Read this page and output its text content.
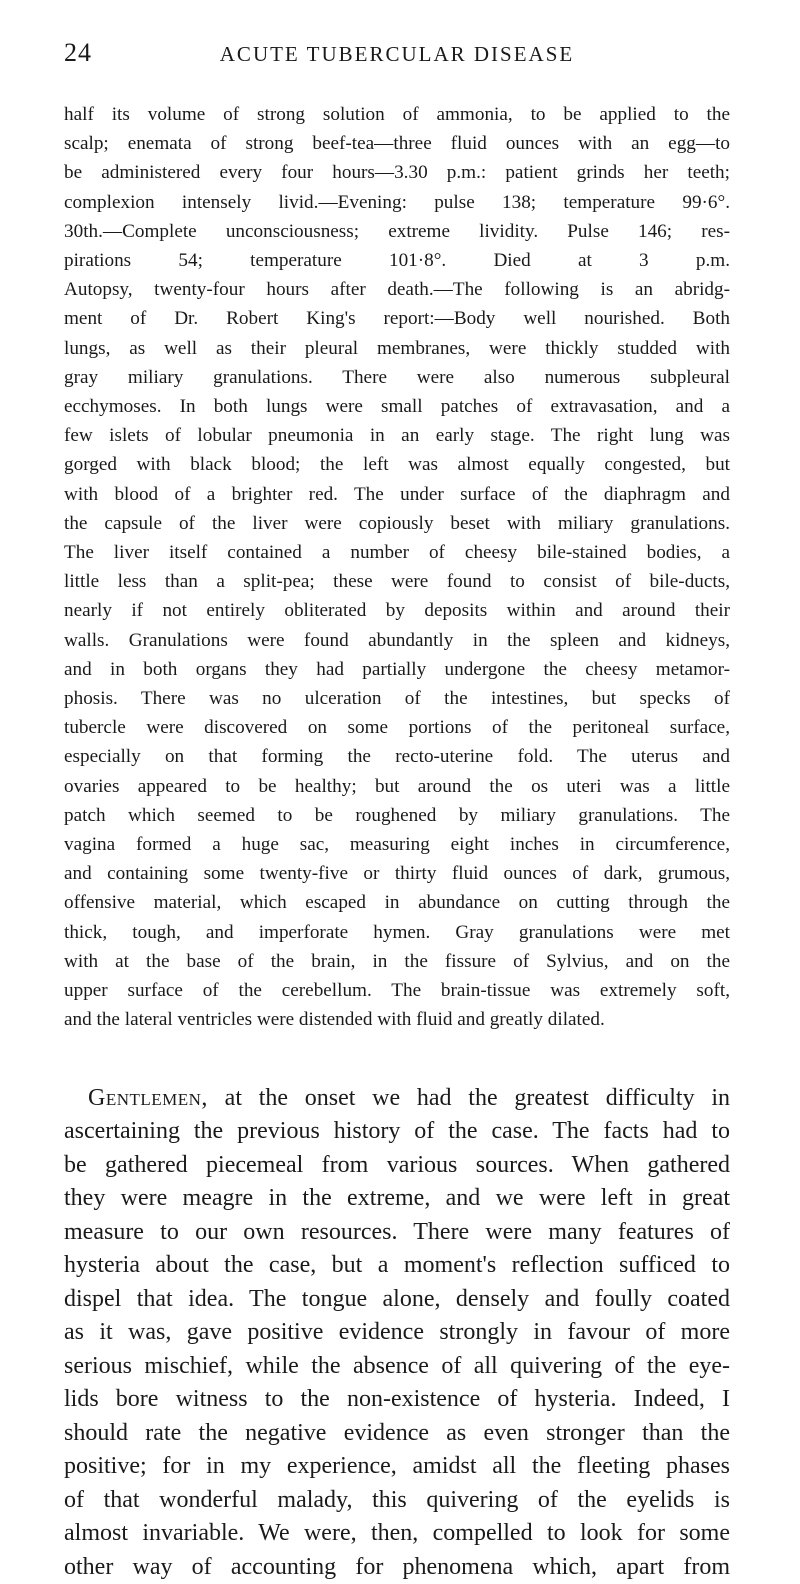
24	ACUTE TUBERCULAR DISEASE
half its volume of strong solution of ammonia, to be applied to the
scalp; enemata of strong beef-tea—three fluid ounces with an egg—to
be administered every four hours—3.30 p.m.: patient grinds her teeth;
complexion intensely livid.—Evening: pulse 138; temperature 99·6°.
30th.—Complete unconsciousness; extreme lividity. Pulse 146; res-
pirations 54; temperature 101·8°. Died at 3 p.m.
Autopsy, twenty-four hours after death.—The following is an abridg-
ment of Dr. Robert King's report:—Body well nourished. Both
lungs, as well as their pleural membranes, were thickly studded with
gray miliary granulations. There were also numerous subpleural
ecchymoses. In both lungs were small patches of extravasation, and a
few islets of lobular pneumonia in an early stage. The right lung was
gorged with black blood; the left was almost equally congested, but
with blood of a brighter red. The under surface of the diaphragm and
the capsule of the liver were copiously beset with miliary granulations.
The liver itself contained a number of cheesy bile-stained bodies, a
little less than a split-pea; these were found to consist of bile-ducts,
nearly if not entirely obliterated by deposits within and around their
walls. Granulations were found abundantly in the spleen and kidneys,
and in both organs they had partially undergone the cheesy metamor-
phosis. There was no ulceration of the intestines, but specks of
tubercle were discovered on some portions of the peritoneal surface,
especially on that forming the recto-uterine fold. The uterus and
ovaries appeared to be healthy; but around the os uteri was a little
patch which seemed to be roughened by miliary granulations. The
vagina formed a huge sac, measuring eight inches in circumference,
and containing some twenty-five or thirty fluid ounces of dark, grumous,
offensive material, which escaped in abundance on cutting through the
thick, tough, and imperforate hymen. Gray granulations were met
with at the base of the brain, in the fissure of Sylvius, and on the
upper surface of the cerebellum. The brain-tissue was extremely soft,
and the lateral ventricles were distended with fluid and greatly dilated.
Gentlemen, at the onset we had the greatest difficulty in
ascertaining the previous history of the case. The facts had to
be gathered piecemeal from various sources. When gathered
they were meagre in the extreme, and we were left in great
measure to our own resources. There were many features of
hysteria about the case, but a moment's reflection sufficed to
dispel that idea. The tongue alone, densely and foully coated
as it was, gave positive evidence strongly in favour of more
serious mischief, while the absence of all quivering of the eye-
lids bore witness to the non-existence of hysteria. Indeed, I
should rate the negative evidence as even stronger than the
positive; for in my experience, amidst all the fleeting phases
of that wonderful malady, this quivering of the eyelids is
almost invariable. We were, then, compelled to look for some
other way of accounting for phenomena which, apart from
